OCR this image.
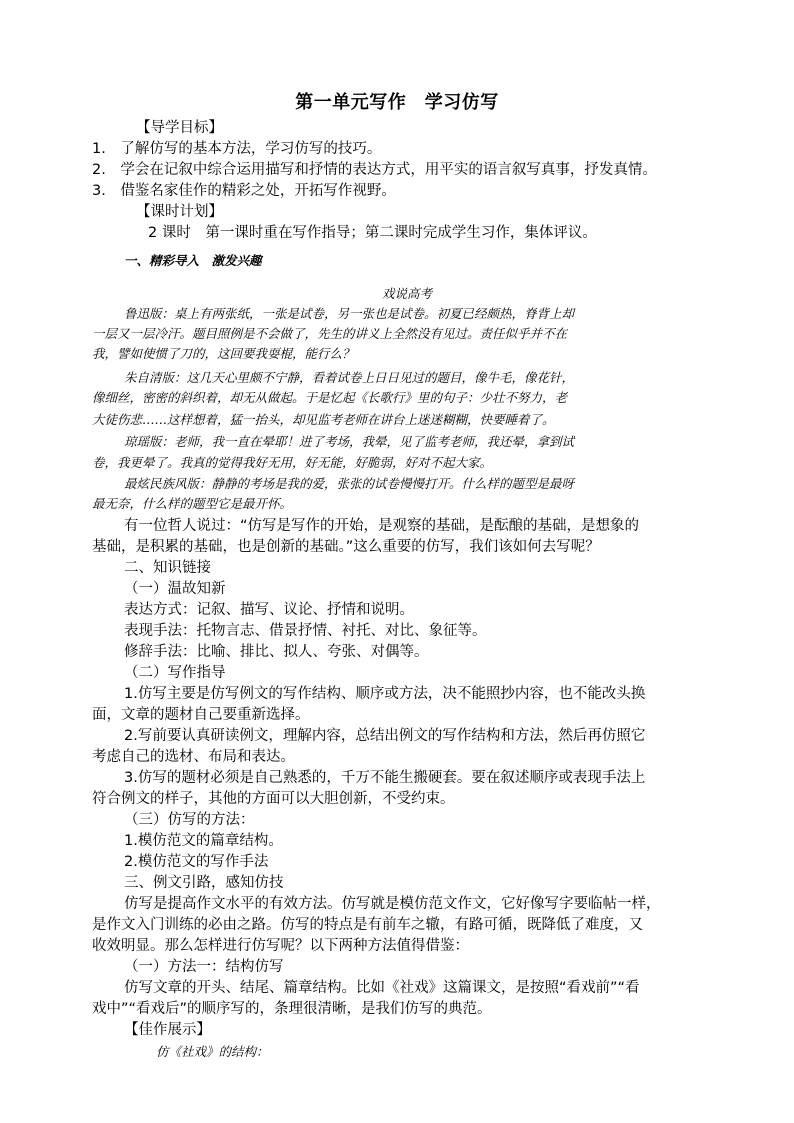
第一单元写作　学习仿写
【导学目标】
1.　了解仿写的基本方法，学习仿写的技巧。
2.　学会在记叙中综合运用描写和抒情的表达方式，用平实的语言叙写真事，抒发真情。
3.　借鉴名家佳作的精彩之处，开拓写作视野。
【课时计划】
2 课时　第一课时重在写作指导；第二课时完成学生习作，集体评议。
一、精彩导入　激发兴趣
戏说高考
鲁迅版：桌上有两张纸，一张是试卷，另一张也是试卷。初夏已经颇热，脊背上却
一层又一层冷汗。题目照例是不会做了，先生的讲义上全然没有见过。责任似乎并不在
我，譬如使惯了刀的，这回要我耍棍，能行么？
朱自清版：这几天心里颇不宁静，看着试卷上日日见过的题目，像牛毛，像花针，
像细丝，密密的斜织着，却无从做起。于是忆起《长歌行》里的句子：少壮不努力，老
大徒伤悲……这样想着，猛一抬头，却见监考老师在讲台上迷迷糊糊，快要睡着了。
琼瑶版：老师，我一直在晕耶！进了考场，我晕，见了监考老师，我还晕，拿到试
卷，我更晕了。我真的觉得我好无用，好无能，好脆弱，好对不起大家。
最炫民族风版：静静的考场是我的爱，张张的试卷慢慢打开。什么样的题型是最呀
最无奈，什么样的题型它是最开怀。
有一位哲人说过：“仿写是写作的开始，是观察的基础，是酝酿的基础，是想象的
基础，是积累的基础，也是创新的基础。”这么重要的仿写，我们该如何去写呢？
二、知识链接
（一）温故知新
表达方式：记叙、描写、议论、抒情和说明。
表现手法：托物言志、借景抒情、衬托、对比、象征等。
修辞手法：比喻、排比、拟人、夸张、对偶等。
（二）写作指导
1.仿写主要是仿写例文的写作结构、顺序或方法，决不能照抄内容，也不能改头换
面，文章的题材自己要重新选择。
2.写前要认真研读例文，理解内容，总结出例文的写作结构和方法，然后再仿照它
考虑自己的选材、布局和表达。
3.仿写的题材必须是自己熟悉的，千万不能生搬硬套。要在叙述顺序或表现手法上
符合例文的样子，其他的方面可以大胆创新，不受约束。
（三）仿写的方法：
1.模仿范文的篇章结构。
2.模仿范文的写作手法
三、例文引路，感知仿技
仿写是提高作文水平的有效方法。仿写就是模仿范文作文，它好像写字要临帖一样，
是作文入门训练的必由之路。仿写的特点是有前车之辙，有路可循，既降低了难度，又
收效明显。那么怎样进行仿写呢？以下两种方法值得借鉴：
（一）方法一：结构仿写
仿写文章的开头、结尾、篇章结构。比如《社戏》这篇课文，是按照“看戏前”“看
戏中”“看戏后”的顺序写的，条理很清晰，是我们仿写的典范。
【佳作展示】
仿《社戏》的结构：
